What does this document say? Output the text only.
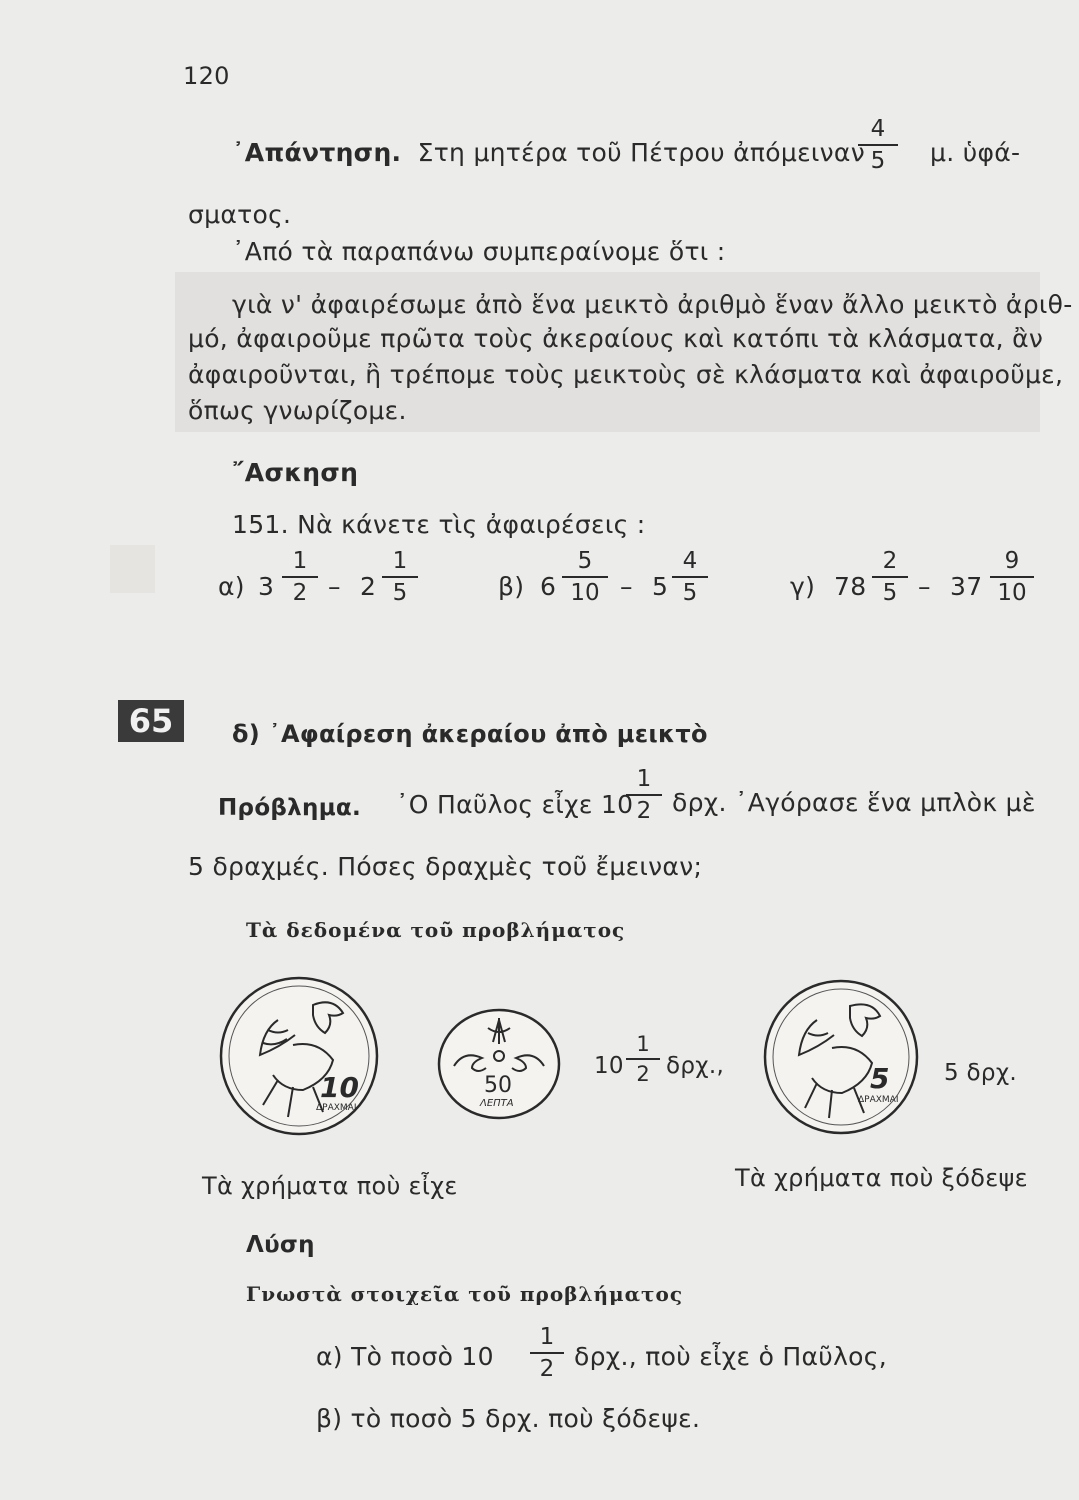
120
᾿Απάντηση. Στη μητέρα τοῦ Πέτρου ἀπόμειναν
4
5	μ. ὑφά-
σματος.
᾿Από τὰ παραπάνω συμπεραίνομε ὅτι :
γιὰ ν' ἀφαιρέσωμε ἀπὸ ἕνα μεικτὸ ἀριθμὸ ἕναν ἄλλο μεικτὸ ἀριθ-
μό, ἀφαιροῦμε πρῶτα τοὺς ἀκεραίους καὶ κατόπι τὰ κλάσματα, ἂν
ἀφαιροῦνται, ἢ τρέπομε τοὺς μεικτοὺς σὲ κλάσματα καὶ ἀφαιροῦμε,
ὅπως γνωρίζομε.
῎Ασκηση
151. Νὰ κάνετε τὶς ἀφαιρέσεις :
α) 3
1
2 – 2
1
5	β) 6
5
10 – 5
4
5	γ) 78
2
5 – 37
9
10
65	δ) ᾿Αφαίρεση ἀκεραίου ἀπὸ μεικτὸ
Πρόβλημα. ᾿Ο Παῦλος εἶχε 10
1
2 δρχ. ᾿Αγόρασε ἕνα μπλὸκ μὲ
5 δραχμές. Πόσες δραχμὲς τοῦ ἔμειναν;
Τὰ δεδομένα τοῦ προβλήματος
10
ΔΡΑΧΜΑΙ
50
ΛΕΠΤΑ
10
1
2 δρχ.,	5
ΔΡΑΧΜΑΙ
5 δρχ.
Τὰ χρήματα ποὺ εἶχε	Τὰ χρήματα ποὺ ξόδεψε
Λύση
Γνωστὰ στοιχεῖα τοῦ προβλήματος
α) Τὸ ποσὸ 10
1
2 δρχ., ποὺ εἶχε ὁ Παῦλος,
β) τὸ ποσὸ 5 δρχ. ποὺ ξόδεψε.
